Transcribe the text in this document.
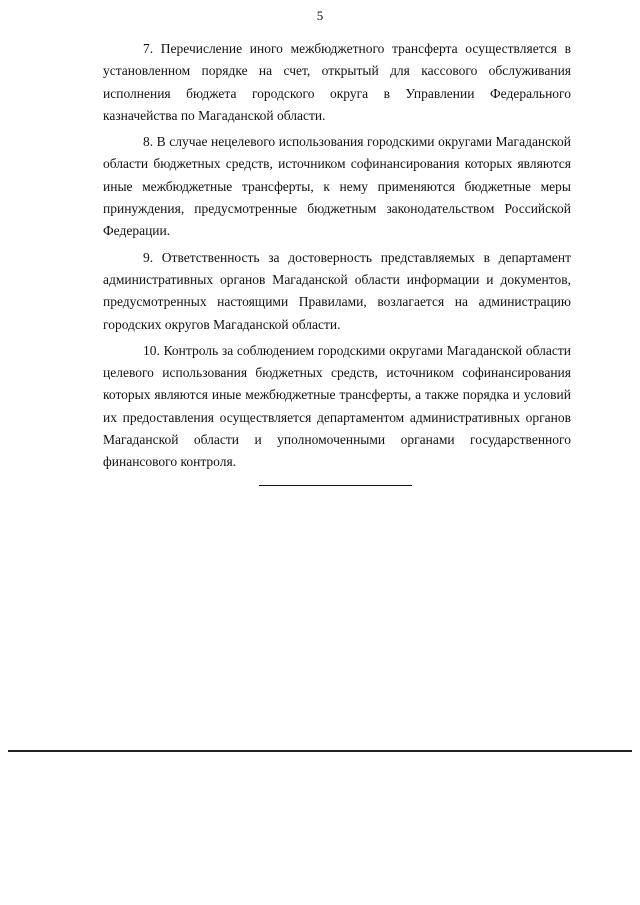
5

7. Перечисление иного межбюджетного трансферта осуществляется в установленном порядке на счет, открытый для кассового обслуживания исполнения бюджета городского округа в Управлении Федерального казначейства по Магаданской области.

8. В случае нецелевого использования городскими округами Магаданской области бюджетных средств, источником софинансирования которых являются иные межбюджетные трансферты, к нему применяются бюджетные меры принуждения, предусмотренные бюджетным законодательством Российской Федерации.

9. Ответственность за достоверность представляемых в департамент административных органов Магаданской области информации и документов, предусмотренных настоящими Правилами, возлагается на администрацию городских округов Магаданской области.

10. Контроль за соблюдением городскими округами Магаданской области целевого использования бюджетных средств, источником софинансирования которых являются иные межбюджетные трансферты, а также порядка и условий их предоставления осуществляется департаментом административных органов Магаданской области и уполномоченными органами государственного финансового контроля.
